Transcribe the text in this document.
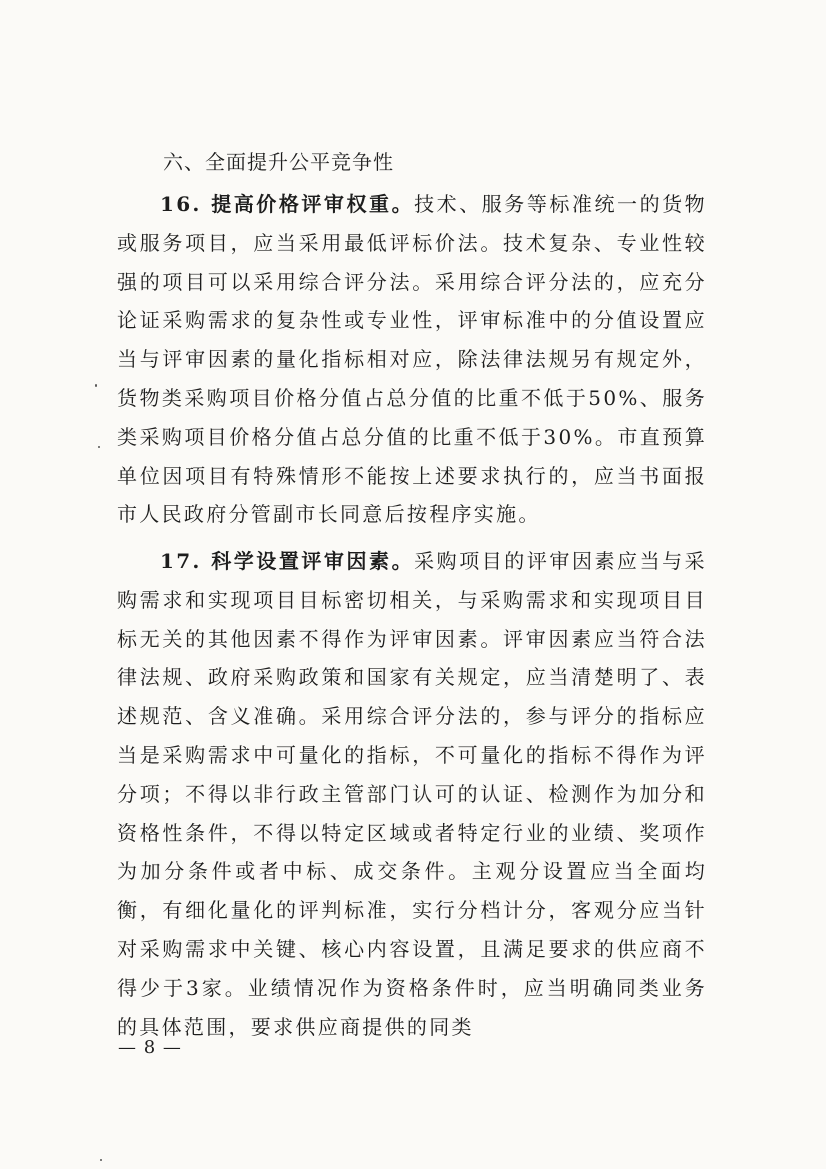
六、全面提升公平竞争性

16. 提高价格评审权重。技术、服务等标准统一的货物或服务项目，应当采用最低评标价法。技术复杂、专业性较强的项目可以采用综合评分法。采用综合评分法的，应充分论证采购需求的复杂性或专业性，评审标准中的分值设置应当与评审因素的量化指标相对应，除法律法规另有规定外，货物类采购项目价格分值占总分值的比重不低于50%、服务类采购项目价格分值占总分值的比重不低于30%。市直预算单位因项目有特殊情形不能按上述要求执行的，应当书面报市人民政府分管副市长同意后按程序实施。

17. 科学设置评审因素。采购项目的评审因素应当与采购需求和实现项目目标密切相关，与采购需求和实现项目目标无关的其他因素不得作为评审因素。评审因素应当符合法律法规、政府采购政策和国家有关规定，应当清楚明了、表述规范、含义准确。采用综合评分法的，参与评分的指标应当是采购需求中可量化的指标，不可量化的指标不得作为评分项；不得以非行政主管部门认可的认证、检测作为加分和资格性条件，不得以特定区域或者特定行业的业绩、奖项作为加分条件或者中标、成交条件。主观分设置应当全面均衡，有细化量化的评判标准，实行分档计分，客观分应当针对采购需求中关键、核心内容设置，且满足要求的供应商不得少于3家。业绩情况作为资格条件时，应当明确同类业务的具体范围，要求供应商提供的同类

— 8 —
